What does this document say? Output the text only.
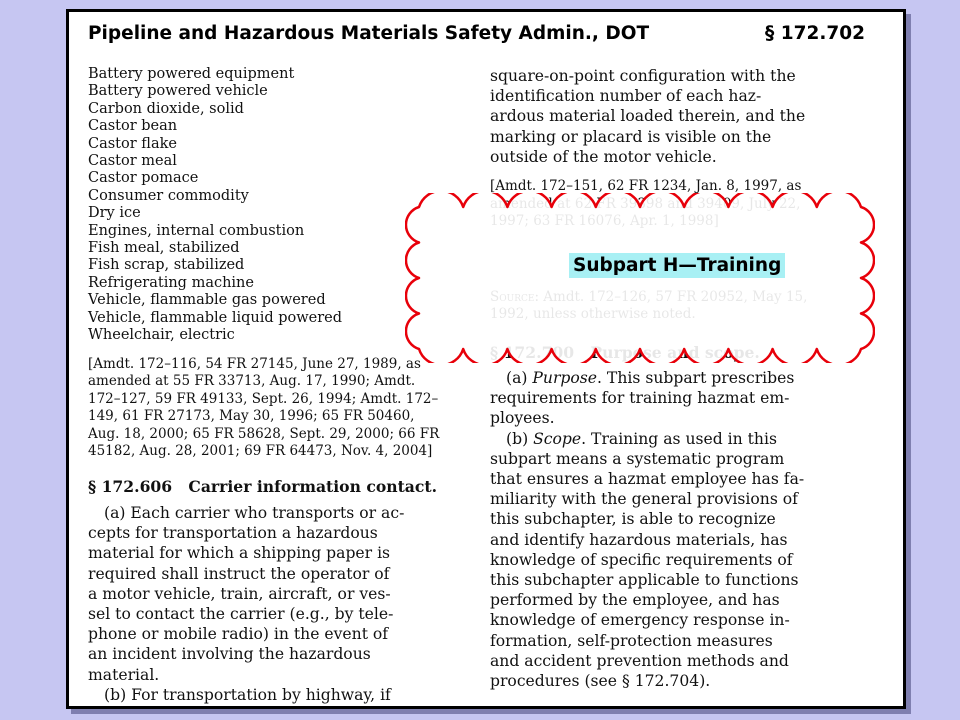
Pipeline and Hazardous Materials Safety Admin., DOT	§ 172.702
Battery powered equipment
Battery powered vehicle
Carbon dioxide, solid
Castor bean
Castor flake
Castor meal
Castor pomace
Consumer commodity
Dry ice
Engines, internal combustion
Fish meal, stabilized
Fish scrap, stabilized
Refrigerating machine
Vehicle, flammable gas powered
Vehicle, flammable liquid powered
Wheelchair, electric
[Amdt. 172–116, 54 FR 27145, June 27, 1989, as
amended at 55 FR 33713, Aug. 17, 1990; Amdt.
172–127, 59 FR 49133, Sept. 26, 1994; Amdt. 172–
149, 61 FR 27173, May 30, 1996; 65 FR 50460,
Aug. 18, 2000; 65 FR 58628, Sept. 29, 2000; 66 FR
45182, Aug. 28, 2001; 69 FR 64473, Nov. 4, 2004]
§ 172.606 Carrier information contact.
(a) Each carrier who transports or ac-
cepts for transportation a hazardous
material for which a shipping paper is
required shall instruct the operator of
a motor vehicle, train, aircraft, or ves-
sel to contact the carrier (e.g., by tele-
phone or mobile radio) in the event of
an incident involving the hazardous
material.
(b) For transportation by highway, if
square-on-point configuration with the
identification number of each haz-
ardous material loaded therein, and the
marking or placard is visible on the
outside of the motor vehicle.
[Amdt. 172–151, 62 FR 1234, Jan. 8, 1997, as

(a) Purpose. This subpart prescribes
requirements for training hazmat em-
ployees.
(b) Scope. Training as used in this
subpart means a systematic program
that ensures a hazmat employee has fa-
miliarity with the general provisions of
this subchapter, is able to recognize
and identify hazardous materials, has
knowledge of specific requirements of
this subchapter applicable to functions
performed by the employee, and has
knowledge of emergency response in-
formation, self-protection measures
and accident prevention methods and
procedures (see § 172.704).
Subpart H—Training
